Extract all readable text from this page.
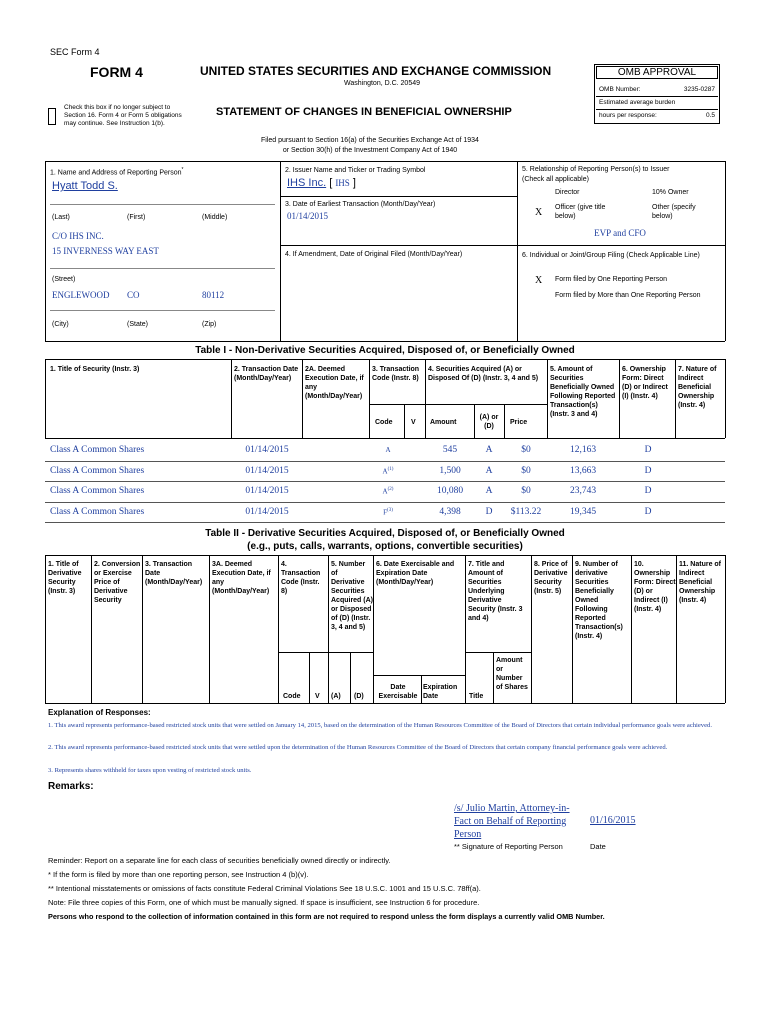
SEC Form 4
FORM 4	UNITED STATES SECURITIES AND EXCHANGE COMMISSION
Washington, D.C. 20549
Check this box if no longer subject to Section 16. Form 4 or Form 5 obligations may continue. See Instruction 1(b).
STATEMENT OF CHANGES IN BENEFICIAL OWNERSHIP
Filed pursuant to Section 16(a) of the Securities Exchange Act of 1934
or Section 30(h) of the Investment Company Act of 1940
OMB APPROVAL
OMB Number:	3235-0287
Estimated average burden
hours per response:	0.5
1. Name and Address of Reporting Person*
Hyatt Todd S.
(Last)	(First)	(Middle)
C/O IHS INC.
15 INVERNESS WAY EAST
(Street)
ENGLEWOOD CO	80112
(City)	(State)	(Zip)
2. Issuer Name and Ticker or Trading Symbol
IHS Inc. [ IHS ]
3. Date of Earliest Transaction (Month/Day/Year)
01/14/2015
4. If Amendment, Date of Original Filed (Month/Day/Year)
5. Relationship of Reporting Person(s) to Issuer
(Check all applicable)
Director	10% Owner
X Officer (give title below)
Other (specify below)
EVP and CFO
6. Individual or Joint/Group Filing (Check Applicable Line)
X Form filed by One Reporting Person
Form filed by More than One Reporting Person
Table I - Non-Derivative Securities Acquired, Disposed of, or Beneficially Owned
1. Title of Security (Instr. 3)	2. Transaction Date (Month/Day/Year)
2A. Deemed Execution Date, if any (Month/Day/Year)
3. Transaction Code (Instr. 8)
4. Securities Acquired (A) or Disposed Of (D) (Instr. 3, 4 and 5)
5. Amount of Securities Beneficially Owned Following Reported Transaction(s) (Instr. 3 and 4)
6. Ownership Form: Direct (D) or Indirect (I) (Instr. 4)
7. Nature of Indirect Beneficial Ownership (Instr. 4)
Code	V Amount
(A) or (D)
Price
Class A Common Shares	01/14/2015	A	545	A	$0	12,163	D
Class A Common Shares	01/14/2015	$A^{(1)}$	1,500	A	$0	13,663	D
Class A Common Shares	01/14/2015	$A^{(2)}$	10,080	A	$0	23,743	D
Class A Common Shares	01/14/2015	$F^{(3)}$	4,398	D	$113.22	19,345	D
Table II - Derivative Securities Acquired, Disposed of, or Beneficially Owned
(e.g., puts, calls, warrants, options, convertible securities)
1. Title of Derivative Security (Instr. 3)
2. Conversion or Exercise Price of Derivative Security
3. Transaction Date (Month/Day/Year)
3A. Deemed Execution Date, if any (Month/Day/Year)
4. Transaction Code (Instr. 8)
5. Number of Derivative Securities Acquired (A) or Disposed of (D) (Instr. 3, 4 and 5)
6. Date Exercisable and Expiration Date (Month/Day/Year)
7. Title and Amount of Securities Underlying Derivative Security (Instr. 3 and 4)
8. Price of Derivative Security (Instr. 5)
9. Number of derivative Securities Beneficially Owned Following Reported Transaction(s) (Instr. 4)
10. Ownership Form: Direct (D) or Indirect (I) (Instr. 4)
11. Nature of Indirect Beneficial Ownership (Instr. 4)
Code V (A) (D)
Date Exercisable
Expiration Date	Title
Amount or Number of Shares
Explanation of Responses:
1. This award represents performance-based restricted stock units that were settled on January 14, 2015, based on the determination of the Human Resources Committee of the Board of Directors that certain individual performance goals were achieved.
2. This award represents performance-based restricted stock units that were settled upon the determination of the Human Resources Committee of the Board of Directors that certain company financial performance goals were achieved.
3. Represents shares withheld for taxes upon vesting of restricted stock units.
Remarks:
/s/ Julio Martin, Attorney-in-Fact on Behalf of Reporting Person
01/16/2015
** Signature of Reporting Person	Date
Reminder: Report on a separate line for each class of securities beneficially owned directly or indirectly.
* If the form is filed by more than one reporting person, see Instruction 4 (b)(v).
** Intentional misstatements or omissions of facts constitute Federal Criminal Violations See 18 U.S.C. 1001 and 15 U.S.C. 78ff(a).
Note: File three copies of this Form, one of which must be manually signed. If space is insufficient, see Instruction 6 for procedure.
Persons who respond to the collection of information contained in this form are not required to respond unless the form displays a currently valid OMB Number.
